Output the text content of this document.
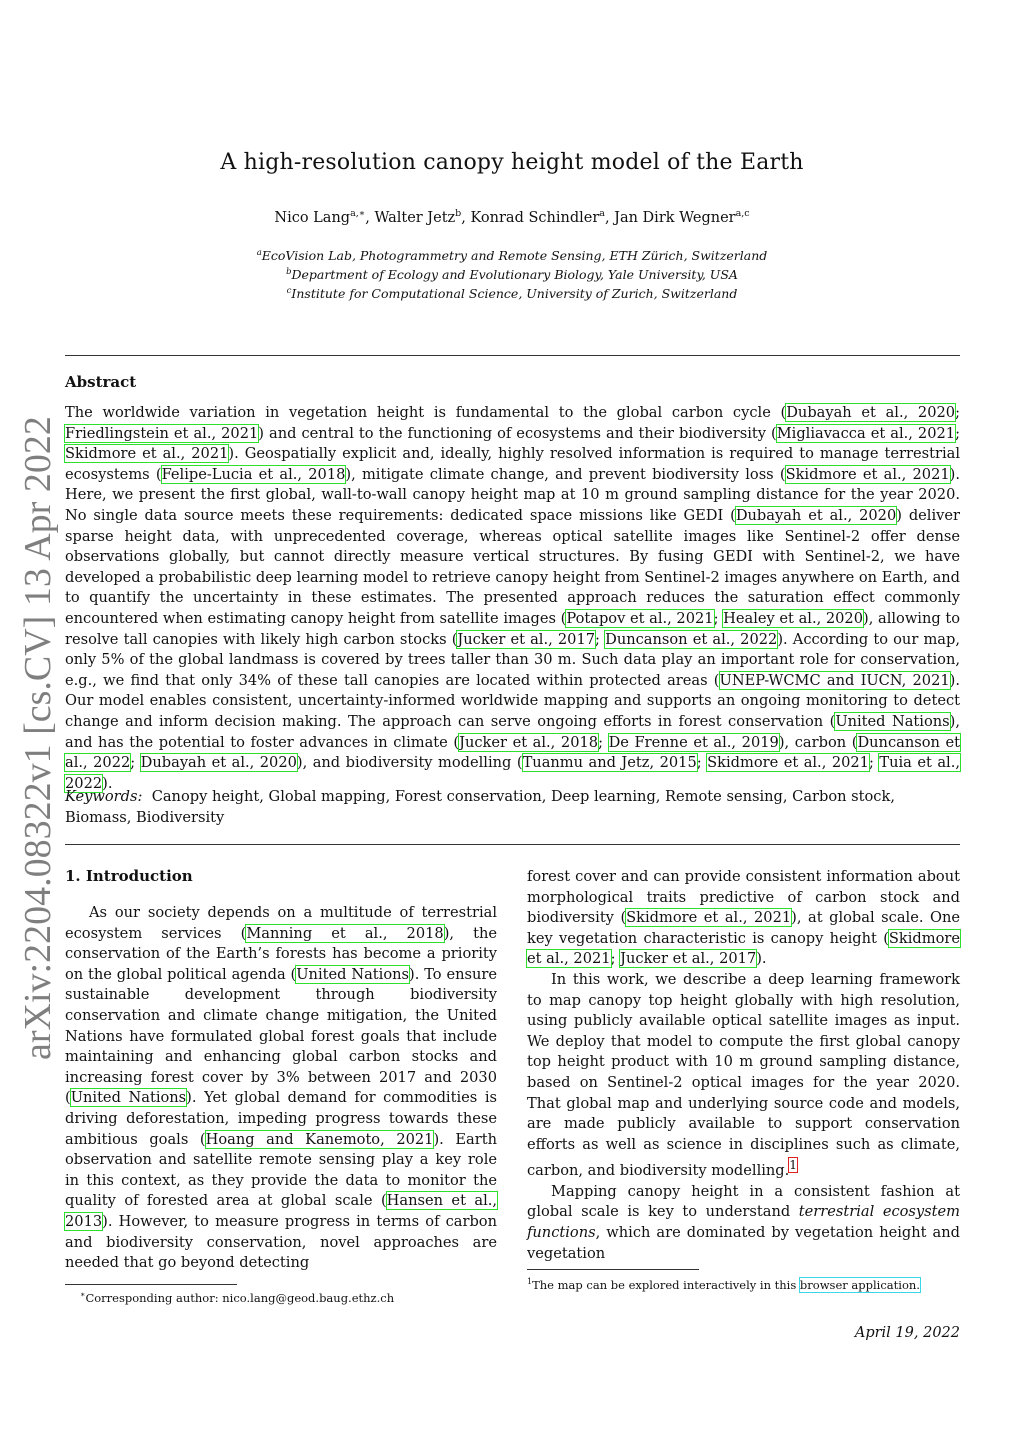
arXiv:2204.08322v1 [cs.CV] 13 Apr 2022
A high-resolution canopy height model of the Earth
Nico Lang$^{a,∗}$, Walter Jetz$^b$, Konrad Schindler$^a$, Jan Dirk Wegner$^{a,c}$
$^a$EcoVision Lab, Photogrammetry and Remote Sensing, ETH Zürich, Switzerland
$^b$Department of Ecology and Evolutionary Biology, Yale University, USA
$^c$Institute for Computational Science, University of Zurich, Switzerland
Abstract
The worldwide variation in vegetation height is fundamental to the global carbon cycle (Dubayah et al., 2020; Friedlingstein et al., 2021) and central to the functioning of ecosystems and their biodiversity (Migliavacca et al., 2021; Skidmore et al., 2021). Geospatially explicit and, ideally, highly resolved information is required to manage terrestrial ecosystems (Felipe-Lucia et al., 2018), mitigate climate change, and prevent biodiversity loss (Skidmore et al., 2021). Here, we present the first global, wall-to-wall canopy height map at 10 m ground sampling distance for the year 2020. No single data source meets these requirements: dedicated space missions like GEDI (Dubayah et al., 2020) deliver sparse height data, with unprecedented coverage, whereas optical satellite images like Sentinel-2 offer dense observations globally, but cannot directly measure vertical structures. By fusing GEDI with Sentinel-2, we have developed a probabilistic deep learning model to retrieve canopy height from Sentinel-2 images anywhere on Earth, and to quantify the uncertainty in these estimates. The presented approach reduces the saturation effect commonly encountered when estimating canopy height from satellite images (Potapov et al., 2021; Healey et al., 2020), allowing to resolve tall canopies with likely high carbon stocks (Jucker et al., 2017; Duncanson et al., 2022). According to our map, only 5% of the global landmass is covered by trees taller than 30 m. Such data play an important role for conservation, e.g., we find that only 34% of these tall canopies are located within protected areas (UNEP-WCMC and IUCN, 2021). Our model enables consistent, uncertainty-informed worldwide mapping and supports an ongoing monitoring to detect change and inform decision making. The approach can serve ongoing efforts in forest conservation (United Nations), and has the potential to foster advances in climate (Jucker et al., 2018; De Frenne et al., 2019), carbon (Duncanson et al., 2022; Dubayah et al., 2020), and biodiversity modelling (Tuanmu and Jetz, 2015; Skidmore et al., 2021; Tuia et al., 2022).
Keywords: Canopy height, Global mapping, Forest conservation, Deep learning, Remote sensing, Carbon stock, Biomass, Biodiversity
1. Introduction

As our society depends on a multitude of terrestrial ecosystem services (Manning et al., 2018), the conservation of the Earth’s forests has become a priority on the global political agenda (United Nations). To ensure sustainable development through biodiversity conservation and climate change mitigation, the United Nations have formulated global forest goals that include maintaining and enhancing global carbon stocks and increasing forest cover by 3% between 2017 and 2030 (United Nations). Yet global demand for commodities is driving deforestation, impeding progress towards these ambitious goals (Hoang and Kanemoto, 2021). Earth observation and satellite remote sensing play a key role in this context, as they provide the data to monitor the quality of forested area at global scale (Hansen et al., 2013). However, to measure progress in terms of carbon and biodiversity conservation, novel approaches are needed that go beyond detecting

forest cover and can provide consistent information about morphological traits predictive of carbon stock and biodiversity (Skidmore et al., 2021), at global scale. One key vegetation characteristic is canopy height (Skidmore et al., 2021; Jucker et al., 2017).

In this work, we describe a deep learning framework to map canopy top height globally with high resolution, using publicly available optical satellite images as input. We deploy that model to compute the first global canopy top height product with 10 m ground sampling distance, based on Sentinel-2 optical images for the year 2020. That global map and underlying source code and models, are made publicly available to support conservation efforts as well as science in disciplines such as climate, carbon, and biodiversity modelling.$^1$

Mapping canopy height in a consistent fashion at global scale is key to understand terrestrial ecosystem functions, which are dominated by vegetation height and vegetation

∗Corresponding author: nico.lang@geod.baug.ethz.ch
$^1$The map can be explored interactively in this browser application.
April 19, 2022
